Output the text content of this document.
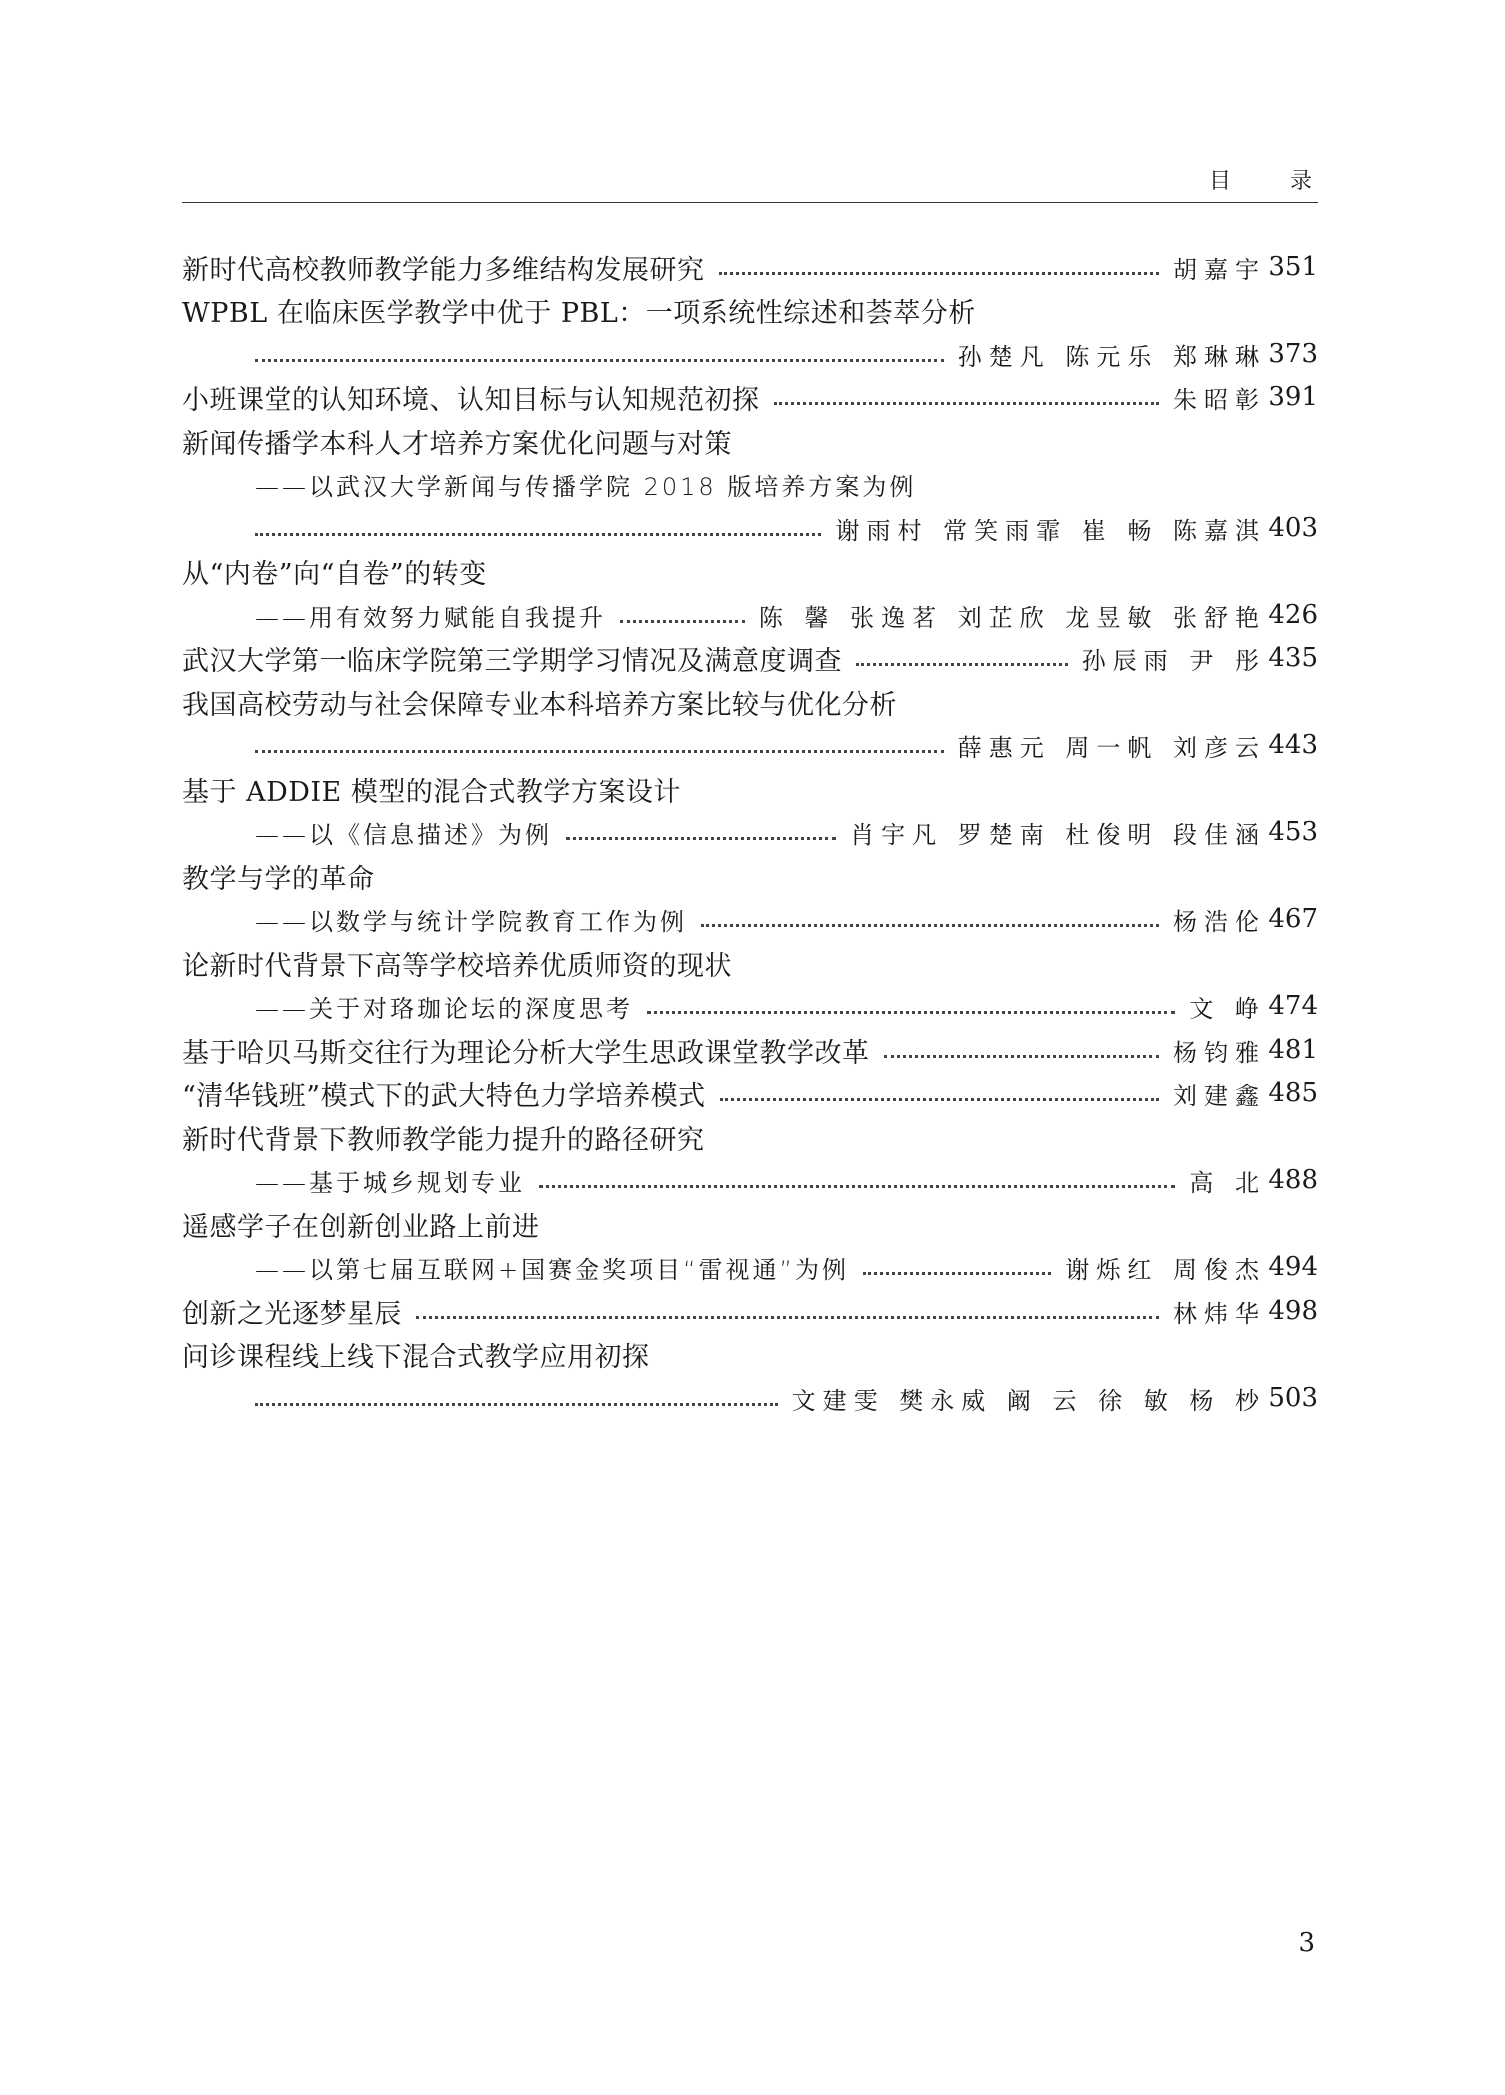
目 录
新时代高校教师教学能力多维结构发展研究	胡嘉宇 351
WPBL 在临床医学教学中优于 PBL：一项系统性综述和荟萃分析
孙楚凡 陈元乐 郑琳琳 373
小班课堂的认知环境、认知目标与认知规范初探	朱昭彰 391
新闻传播学本科人才培养方案优化问题与对策
——以武汉大学新闻与传播学院 2018 版培养方案为例
谢雨村 常笑雨霏 崔 畅 陈嘉淇 403
从“内卷”向“自卷”的转变
——用有效努力赋能自我提升	陈 馨 张逸茗 刘芷欣 龙昱敏 张舒艳 426
武汉大学第一临床学院第三学期学习情况及满意度调查	孙辰雨 尹 彤 435
我国高校劳动与社会保障专业本科培养方案比较与优化分析
薛惠元 周一帆 刘彦云 443
基于 ADDIE 模型的混合式教学方案设计
——以《信息描述》为例	肖宇凡 罗楚南 杜俊明 段佳涵 453
教学与学的革命
——以数学与统计学院教育工作为例	杨浩伦 467
论新时代背景下高等学校培养优质师资的现状
——关于对珞珈论坛的深度思考	文 峥 474
基于哈贝马斯交往行为理论分析大学生思政课堂教学改革	杨钧雅 481
“清华钱班”模式下的武大特色力学培养模式	刘建鑫 485
新时代背景下教师教学能力提升的路径研究
——基于城乡规划专业	高 北 488
遥感学子在创新创业路上前进
——以第七届互联网+国赛金奖项目“雷视通”为例	谢烁红 周俊杰 494
创新之光逐梦星辰	林炜华 498
问诊课程线上线下混合式教学应用初探
文建雯 樊永威 阚 云 徐 敏 杨 杪 503
3
